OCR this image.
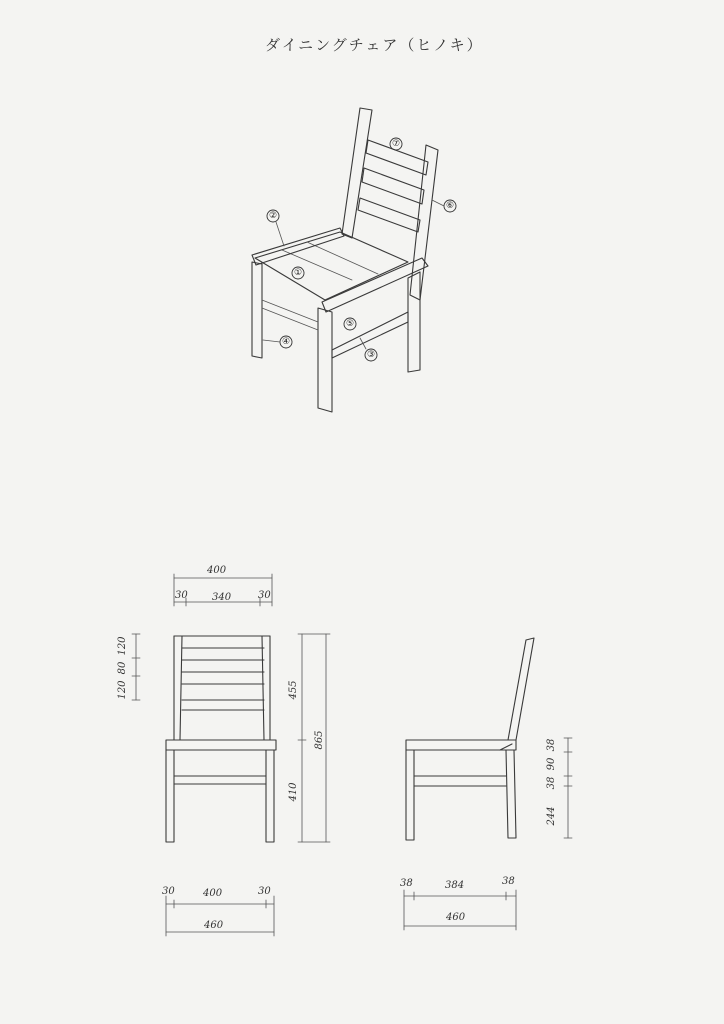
ダイニングチェア（ヒノキ）
①
②
③
④
⑤
⑥
⑦
400
30 340	30
120
80
120	455
865
410
30	400	30
460
38
90
38
244
38	384	38
460
